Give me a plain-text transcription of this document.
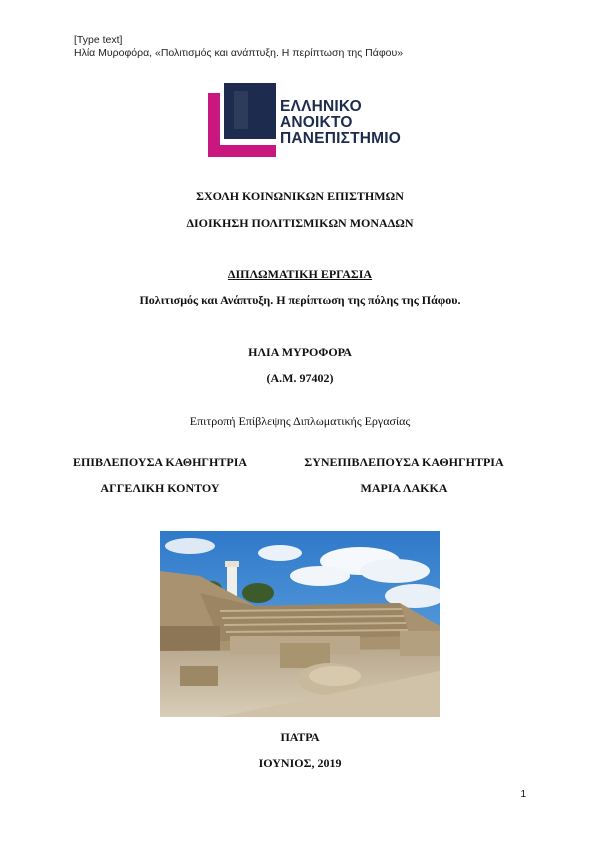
[Type text]
Ηλία Μυροφόρα, «Πολιτισμός και ανάπτυξη. Η περίπτωση της Πάφου»
ΕΛΛΗΝΙΚΟ
ΑΝΟΙΚΤΟ
ΠΑΝΕΠΙΣΤΗΜΙΟ
ΣΧΟΛΗ ΚΟΙΝΩΝΙΚΩΝ ΕΠΙΣΤΗΜΩΝ
ΔΙΟΙΚΗΣΗ ΠΟΛΙΤΙΣΜΙΚΩΝ ΜΟΝΑΔΩΝ
ΔΙΠΛΩΜΑΤΙΚΗ ΕΡΓΑΣΙΑ
Πολιτισμός και Ανάπτυξη. Η περίπτωση της πόλης της Πάφου.
ΗΛΙΑ ΜΥΡΟΦΟΡΑ
(Α.Μ. 97402)
Επιτροπή Επίβλεψης Διπλωματικής Εργασίας
ΕΠΙΒΛΕΠΟΥΣΑ ΚΑΘΗΓΗΤΡΙΑ	ΣΥΝΕΠΙΒΛΕΠΟΥΣΑ ΚΑΘΗΓΗΤΡΙΑ
ΑΓΓΕΛΙΚΗ ΚΟΝΤΟΥ	ΜΑΡΙΑ ΛΑΚΚΑ
ΠΑΤΡΑ
ΙΟΥΝΙΟΣ, 2019
1
